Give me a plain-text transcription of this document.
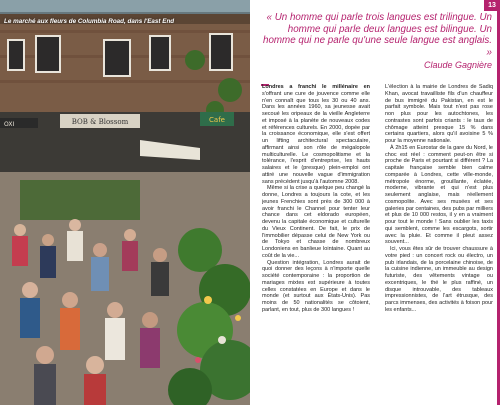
BOB & Blossom
OXI
Cafe
Le marché aux fleurs de Columbia Road, dans l'East End
13
« Un homme qui parle trois langues est trilingue. Un homme qui parle deux langues est bilingue. Un homme qui ne parle qu'une seule langue est anglais. »
Claude Gagnière

Londres a franchi le millénaire en s'offrant une cure de jouvence comme elle n'en connaît que tous les 30 ou 40 ans. Dans les années 1960, sa jeunesse avait secoué les oripeaux de la vieille Angleterre et imposé à la planète de nouveaux codes et références culturels. En 2000, dopée par la croissance économique, elle s'est offert un lifting architectural spectaculaire, affirmant ainsi son rôle de mégalopole multiculturelle. Le cosmopolitisme et la tolérance, l'esprit d'entreprise, les hauts salaires et le (presque) plein-emploi ont attiré une nouvelle vague d'immigration sans précédent jusqu'à l'automne 2008.

Même si la crise a quelque peu changé la donne, Londres a toujours la cote, et les jeunes Frenchies sont près de 300 000 à avoir franchi le Channel pour tenter leur chance dans cet eldorado européen, devenu la capitale économique et culturelle du Vieux Continent. De fait, le prix de l'immobilier dépasse celui de New York ou de Tokyo et chasse de nombreux Londoniens en banlieue lointaine. Quant au coût de la vie...

Question intégration, Londres aurait de quoi donner des leçons à n'importe quelle société contemporaine : la proportion de mariages mixtes est supérieure à toutes celles constatées en Europe et dans le monde (et surtout aux États-Unis). Pas moins de 50 nationalités se côtoient, parlant, en tout, plus de 300 langues !

L'élection à la mairie de Londres de Sadiq Khan, avocat travailliste fils d'un chauffeur de bus immigré du Pakistan, en est le parfait symbole. Mais tout n'est pas rose non plus pour les autochtones, les contrastes sont parfois criants : le taux de chômage atteint presque 15 % dans certains quartiers, alors qu'il avoisine 5 % pour la moyenne nationale.

À 2h15 en Eurostar de la gare du Nord, le choc est réel : comment peut-on être si proche de Paris et pourtant si différent ? La capitale française semble bien calme comparée à Londres, cette ville-monde, métropole énorme, grouillante, éclatée, moderne, vibrante et qui n'est plus seulement anglaise, mais réellement cosmopolite. Avec ses musées et ses galeries par centaines, des pubs par milliers et plus de 10 000 restos, il y en a vraiment pour tout le monde ! Sans oublier les taxis qui semblent, comme les escargots, sortir avec la pluie. Et comme il pleut assez souvent...

Ici, vous êtes sûr de trouver chaussure à votre pied : un concert rock ou électro, un pub irlandais, de la porcelaine chinoise, de la cuisine indienne, un immeuble au design futuriste, des vêtements vintage ou excentriques, le thé le plus raffiné, un disque introuvable, des tableaux impressionnistes, de l'art étrusque, des parcs immenses, des activités à foison pour les enfants...
